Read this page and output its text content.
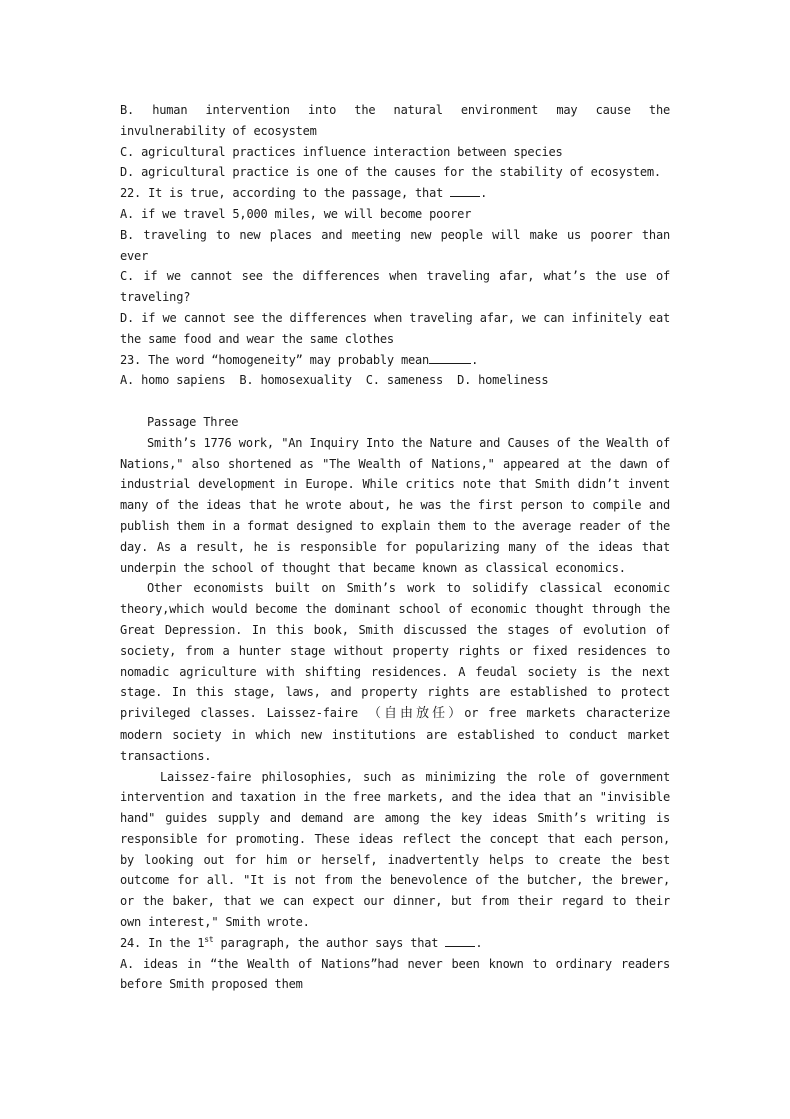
B. human intervention into the natural environment may cause the invulnerability of ecosystem

C. agricultural practices influence interaction between species

D. agricultural practice is one of the causes for the stability of ecosystem.

22. It is true, according to the passage, that	.

A. if we travel 5,000 miles, we will become poorer

B. traveling to new places and meeting new people will make us poorer than ever

C. if we cannot see the differences when traveling afar, what’s the use of traveling?

D. if we cannot see the differences when traveling afar, we can infinitely eat the same food and wear the same clothes

23. The word “homogeneity” may probably mean	.

A. homo sapiens B. homosexuality C. sameness D. homeliness

Passage Three

Smith’s 1776 work, "An Inquiry Into the Nature and Causes of the Wealth of Nations," also shortened as "The Wealth of Nations," appeared at the dawn of industrial development in Europe. While critics note that Smith didn’t invent many of the ideas that he wrote about, he was the first person to compile and publish them in a format designed to explain them to the average reader of the day. As a result, he is responsible for popularizing many of the ideas that underpin the school of thought that became known as classical economics.

Other economists built on Smith’s work to solidify classical economic theory,which would become the dominant school of economic thought through the Great Depression. In this book, Smith discussed the stages of evolution of society, from a hunter stage without property rights or fixed residences to nomadic agriculture with shifting residences. A feudal society is the next stage. In this stage, laws, and property rights are established to protect privileged classes. Laissez-faire （自由放任）or free markets characterize modern society in which new institutions are established to conduct market transactions.

Laissez-faire philosophies, such as minimizing the role of government intervention and taxation in the free markets, and the idea that an "invisible hand" guides supply and demand are among the key ideas Smith’s writing is responsible for promoting. These ideas reflect the concept that each person, by looking out for him or herself, inadvertently helps to create the best outcome for all. "It is not from the benevolence of the butcher, the brewer, or the baker, that we can expect our dinner, but from their regard to their own interest," Smith wrote.

24. In the 1st paragraph, the author says that	.

A. ideas in “the Wealth of Nations”had never been known to ordinary readers before Smith proposed them
